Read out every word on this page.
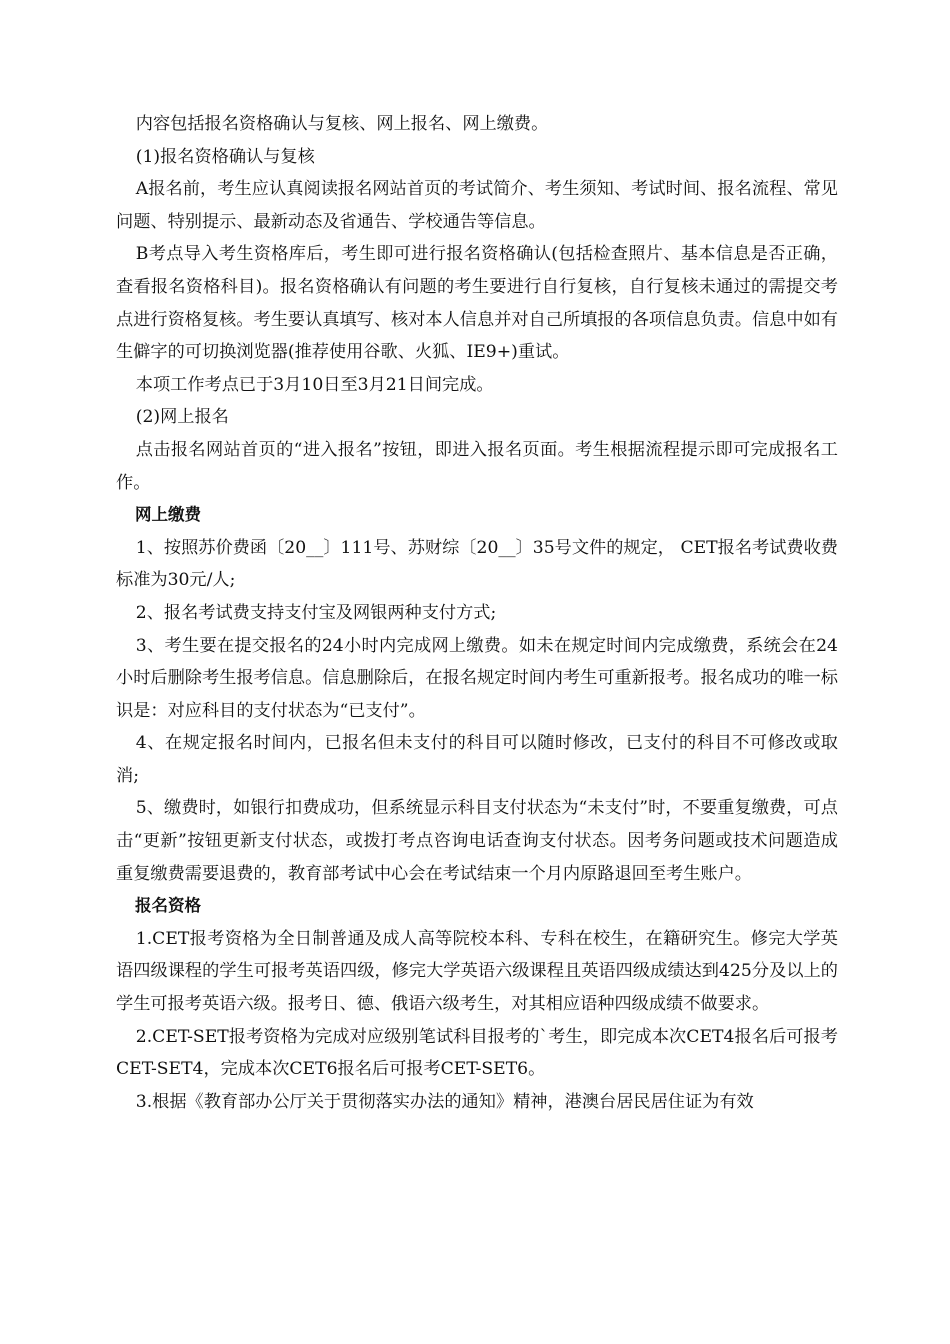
内容包括报名资格确认与复核、网上报名、网上缴费。

(1)报名资格确认与复核

A报名前，考生应认真阅读报名网站首页的考试简介、考生须知、考试时间、报名流程、常见问题、特别提示、最新动态及省通告、学校通告等信息。

B考点导入考生资格库后，考生即可进行报名资格确认(包括检查照片、基本信息是否正确，查看报名资格科目)。报名资格确认有问题的考生要进行自行复核，自行复核未通过的需提交考点进行资格复核。考生要认真填写、核对本人信息并对自己所填报的各项信息负责。信息中如有生僻字的可切换浏览器(推荐使用谷歌、火狐、IE9+)重试。

本项工作考点已于3月10日至3月21日间完成。

(2)网上报名

点击报名网站首页的“进入报名”按钮，即进入报名页面。考生根据流程提示即可完成报名工作。

网上缴费

1、按照苏价费函〔20__〕111号、苏财综〔20__〕35号文件的规定， CET报名考试费收费标准为30元/人;

2、报名考试费支持支付宝及网银两种支付方式;

3、考生要在提交报名的24小时内完成网上缴费。如未在规定时间内完成缴费，系统会在24小时后删除考生报考信息。信息删除后，在报名规定时间内考生可重新报考。报名成功的唯一标识是：对应科目的支付状态为“已支付”。

4、在规定报名时间内，已报名但未支付的科目可以随时修改，已支付的科目不可修改或取消;

5、缴费时，如银行扣费成功，但系统显示科目支付状态为“未支付”时，不要重复缴费，可点击“更新”按钮更新支付状态，或拨打考点咨询电话查询支付状态。因考务问题或技术问题造成重复缴费需要退费的，教育部考试中心会在考试结束一个月内原路退回至考生账户。

报名资格

1.CET报考资格为全日制普通及成人高等院校本科、专科在校生，在籍研究生。修完大学英语四级课程的学生可报考英语四级，修完大学英语六级课程且英语四级成绩达到425分及以上的学生可报考英语六级。报考日、德、俄语六级考生，对其相应语种四级成绩不做要求。

2.CET-SET报考资格为完成对应级别笔试科目报考的`考生，即完成本次CET4报名后可报考CET-SET4，完成本次CET6报名后可报考CET-SET6。

3.根据《教育部办公厅关于贯彻落实办法的通知》精神，港澳台居民居住证为有效
